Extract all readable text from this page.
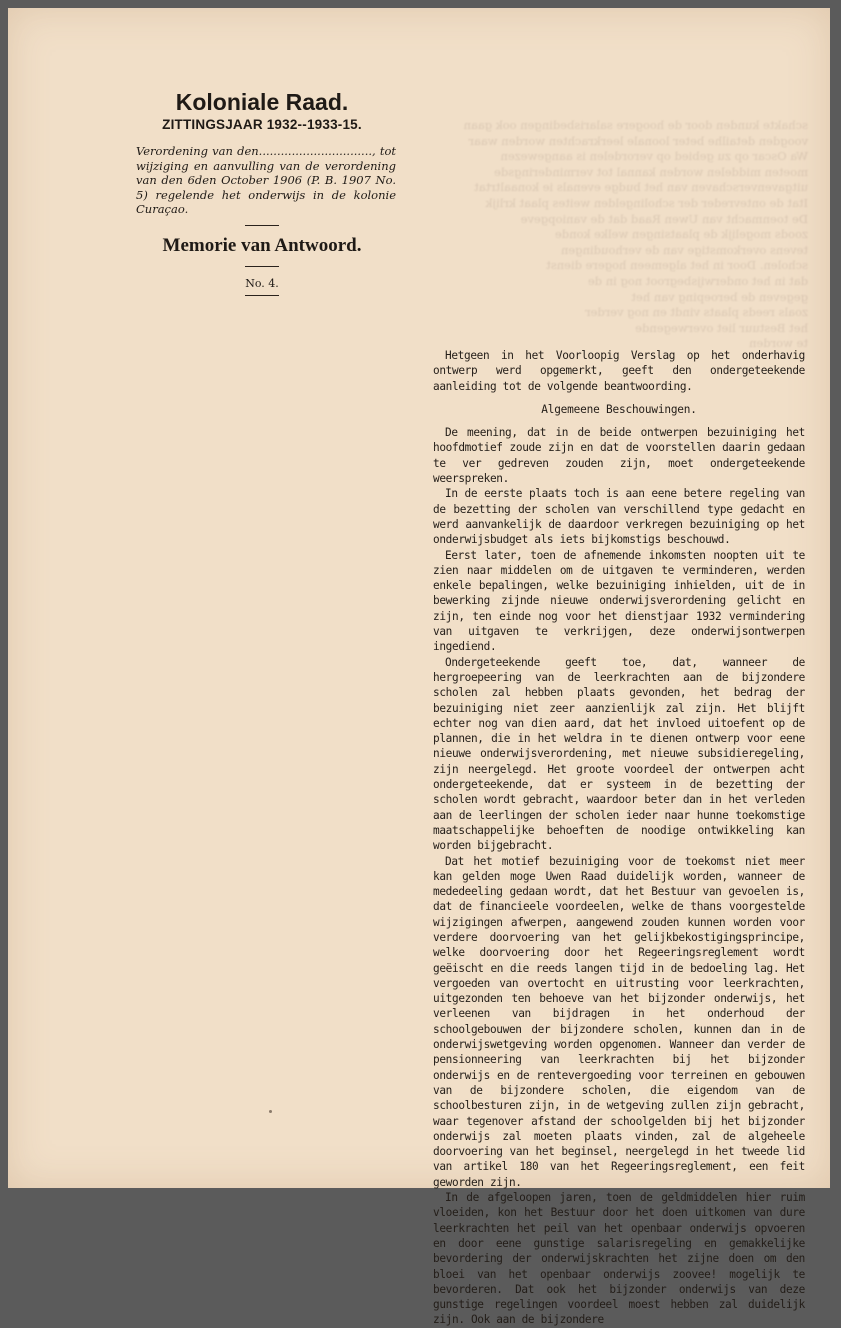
schakte kunden door de hoogere salarisbedingen ook gaan
voogden detailhe beter loonale leerkrachten worden waar
Wa Oscar op zu gebied op verordelen is aangewezen
moeten middelen worden kannal tot verminderingsde
uitgavenverschaven van het budge evenals ie konaaltrtat
Itat de ontevreder der scholingelden weites plaat krlijk
De toenmacht van Uwen Raad dat de vaniopgeve
zoods mogelijk de plaatsingen welke konde
tevens overkomstige van de verhoudingen
scholen. Door in het algemeen hogere dienst
dat in het onderwijsbegroot nog in de
gegeven de beroeping van het
zoals reeds plaats vindt en nog verder
het Bestuur liet overwegende
te worden

Koloniale Raad.

ZITTINGSJAAR 1932--1933-15.

Verordening van den..............................., tot wijziging en aanvulling van de verordening van den 6den October 1906 (P. B. 1907 No. 5) regelende het onderwijs in de kolonie Curaçao.

Memorie van Antwoord.

No. 4.

Hetgeen in het Voorloopig Verslag op het onderhavig ontwerp werd opgemerkt, geeft den ondergeteekende aanleiding tot de volgende beantwoording.

Algemeene Beschouwingen.

De meening, dat in de beide ontwerpen bezuiniging het hoofdmotief zoude zijn en dat de voorstellen daarin gedaan te ver gedreven zouden zijn, moet ondergeteekende weerspreken.

In de eerste plaats toch is aan eene betere regeling van de bezetting der scholen van verschillend type gedacht en werd aanvankelijk de daardoor verkregen bezuiniging op het onderwijsbudget als iets bijkomstigs beschouwd.

Eerst later, toen de afnemende inkomsten noopten uit te zien naar middelen om de uitgaven te verminderen, werden enkele bepalingen, welke bezuiniging inhielden, uit de in bewerking zijnde nieuwe onderwijsverordening gelicht en zijn, ten einde nog voor het dienstjaar 1932 vermindering van uitgaven te verkrijgen, deze onderwijsontwerpen ingediend.

Ondergeteekende geeft toe, dat, wanneer de hergroepeering van de leerkrachten aan de bijzondere scholen zal hebben plaats gevonden, het bedrag der bezuiniging niet zeer aanzienlijk zal zijn. Het blijft echter nog van dien aard, dat het invloed uitoefent op de plannen, die in het weldra in te dienen ontwerp voor eene nieuwe onderwijsverordening, met nieuwe subsidieregeling, zijn neergelegd. Het groote voordeel der ontwerpen acht ondergeteekende, dat er systeem in de bezetting der scholen wordt gebracht, waardoor beter dan in het verleden aan de leerlingen der scholen ieder naar hunne toekomstige maatschappelijke behoeften de noodige ontwikkeling kan worden bijgebracht.

Dat het motief bezuiniging voor de toekomst niet meer kan gelden moge Uwen Raad duidelijk worden, wanneer de mededeeling gedaan wordt, dat het Bestuur van gevoelen is, dat de financieele voordeelen, welke de thans voorgestelde wijzigingen afwerpen, aangewend zouden kunnen worden voor verdere doorvoering van het gelijkbekostigingsprincipe, welke doorvoering door het Regeeringsreglement wordt geëischt en die reeds langen tijd in de bedoeling lag. Het vergoeden van overtocht en uitrusting voor leerkrachten, uitgezonden ten behoeve van het bijzonder onderwijs, het verleenen van bijdragen in het onderhoud der schoolgebouwen der bijzondere scholen, kunnen dan in de onderwijswetgeving worden opgenomen. Wanneer dan verder de pensionneering van leerkrachten bij het bijzonder onderwijs en de rentevergoeding voor terreinen en gebouwen van de bijzondere scholen, die eigendom van de schoolbesturen zijn, in de wetgeving zullen zijn gebracht, waar tegenover afstand der schoolgelden bij het bijzonder onderwijs zal moeten plaats vinden, zal de algeheele doorvoering van het beginsel, neergelegd in het tweede lid van artikel 180 van het Regeeringsreglement, een feit geworden zijn.

In de afgeloopen jaren, toen de geldmiddelen hier ruim vloeiden, kon het Bestuur door het doen uitkomen van dure leerkrachten het peil van het openbaar onderwijs opvoeren en door eene gunstige salarisregeling en gemakkelijke bevordering der onderwijskrachten het zijne doen om den bloei van het openbaar onderwijs zoovee! mogelijk te bevorderen. Dat ook het bijzonder onderwijs van deze gunstige regelingen voordeel moest hebben zal duidelijk zijn. Ook aan de bijzondere
